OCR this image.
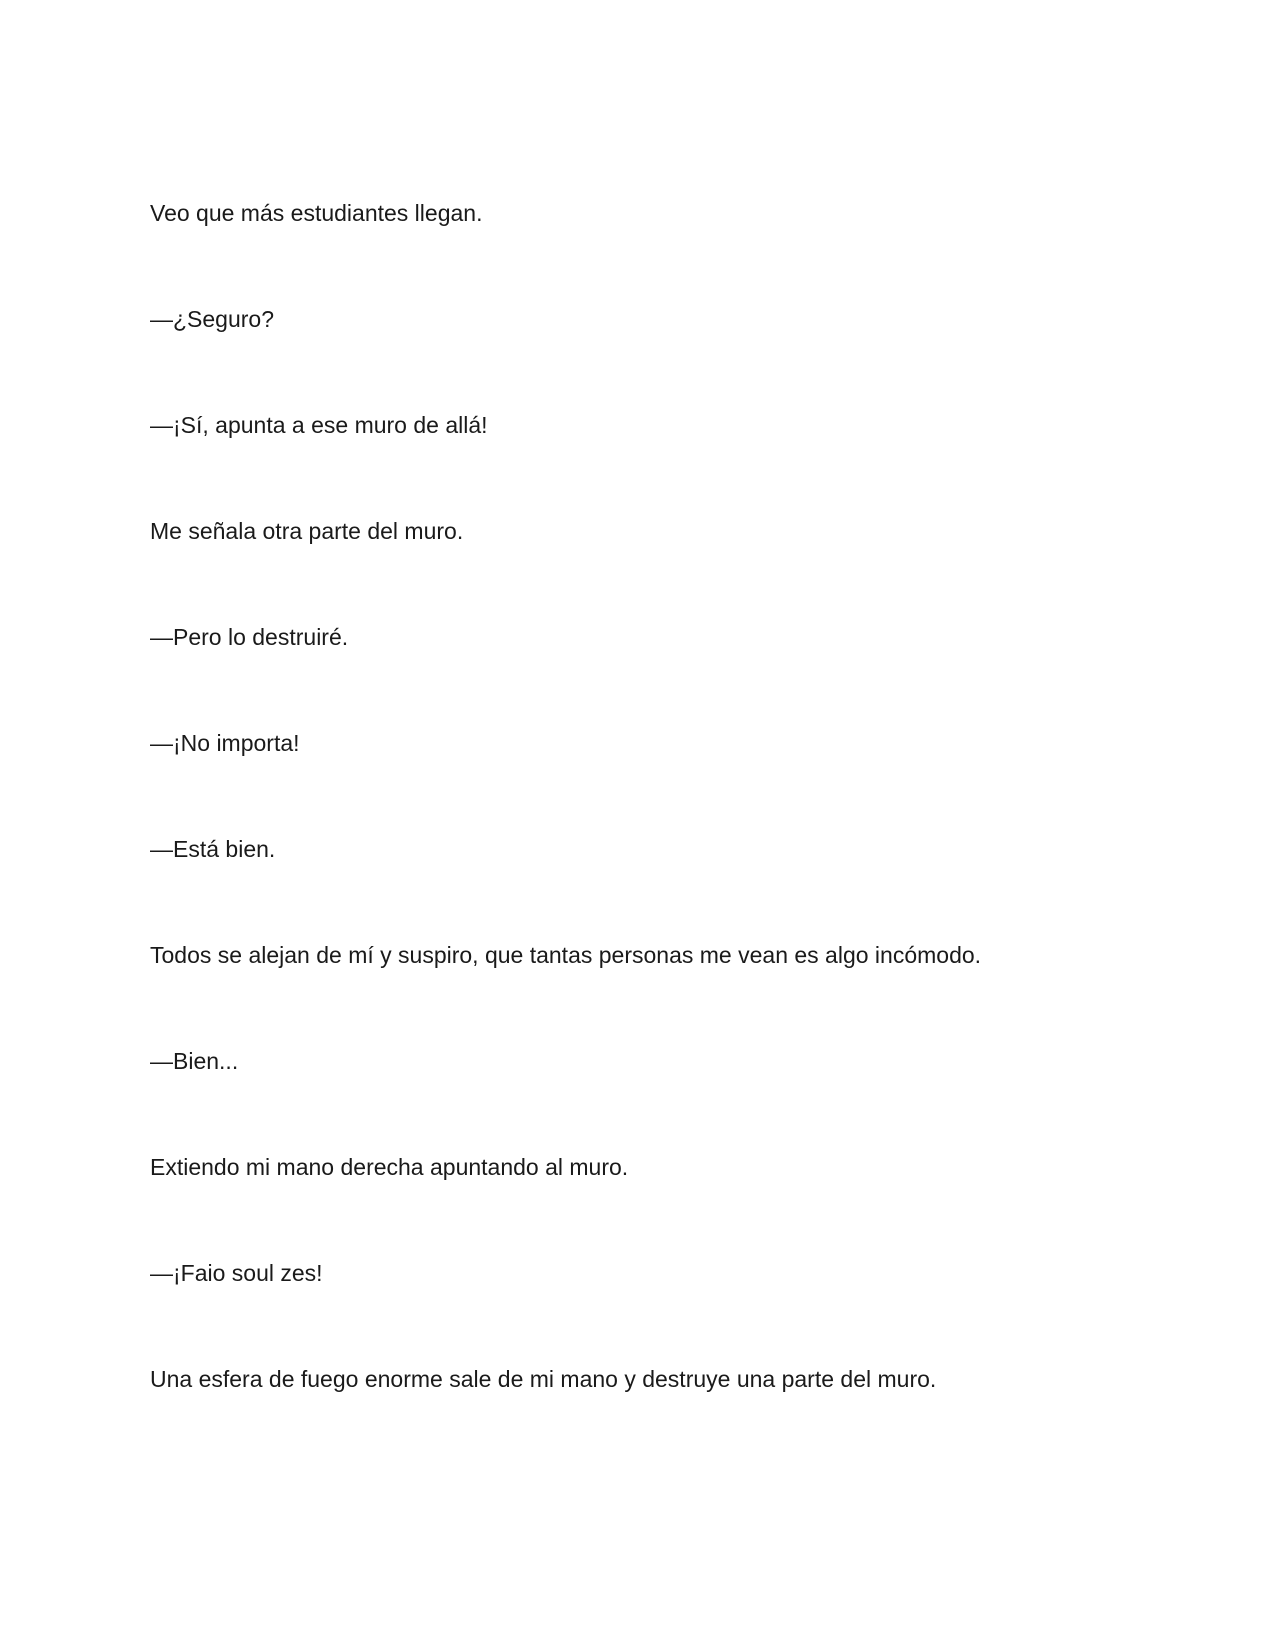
Veo que más estudiantes llegan.

—¿Seguro?

—¡Sí, apunta a ese muro de allá!

Me señala otra parte del muro.

—Pero lo destruiré.

—¡No importa!

—Está bien.

Todos se alejan de mí y suspiro, que tantas personas me vean es algo incómodo.

—Bien...

Extiendo mi mano derecha apuntando al muro.

—¡Faio soul zes!

Una esfera de fuego enorme sale de mi mano y destruye una parte del muro.
